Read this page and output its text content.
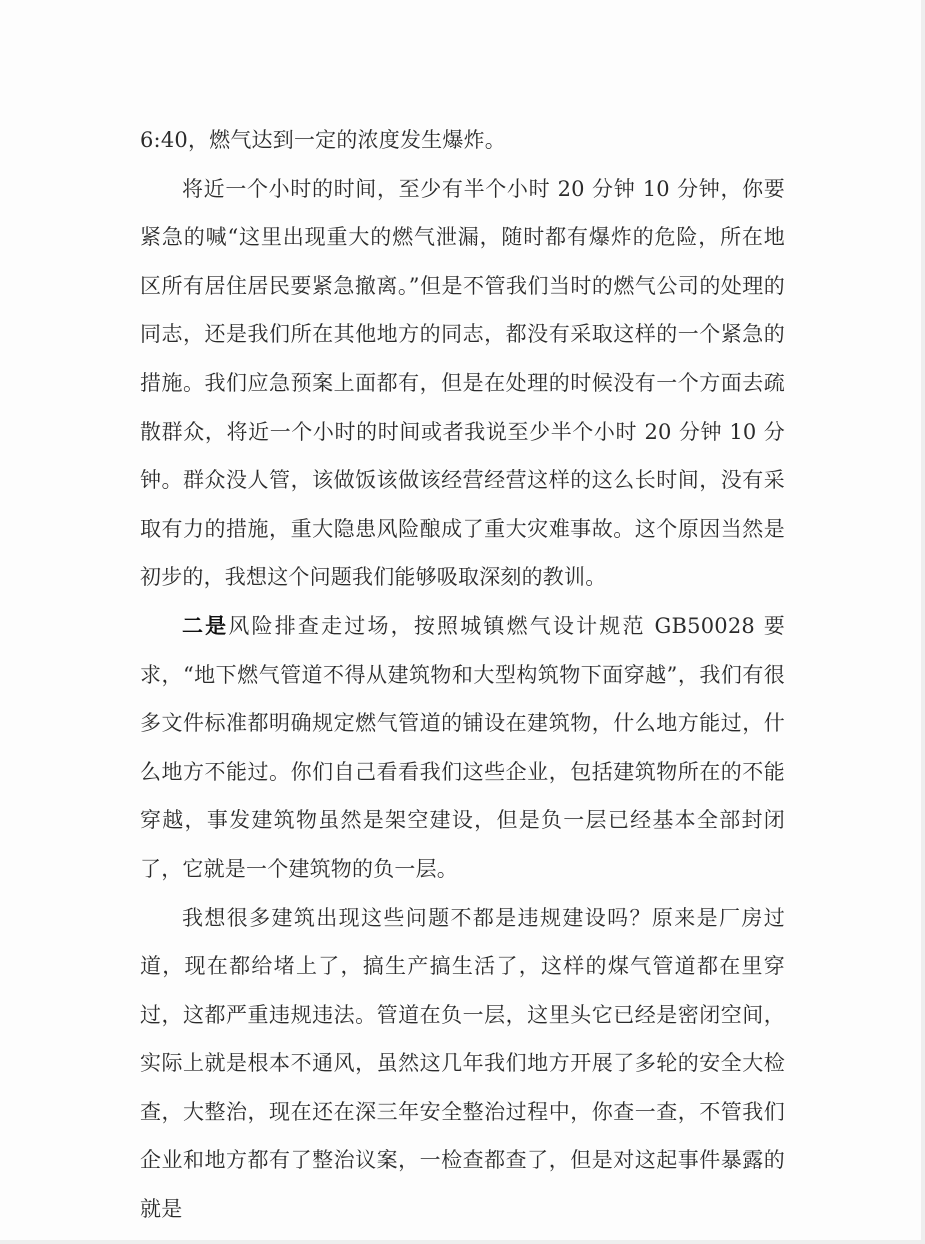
6:40，燃气达到一定的浓度发生爆炸。

将近一个小时的时间，至少有半个小时 20 分钟 10 分钟，你要紧急的喊“这里出现重大的燃气泄漏，随时都有爆炸的危险，所在地区所有居住居民要紧急撤离。”但是不管我们当时的燃气公司的处理的同志，还是我们所在其他地方的同志，都没有采取这样的一个紧急的措施。我们应急预案上面都有，但是在处理的时候没有一个方面去疏散群众，将近一个小时的时间或者我说至少半个小时 20 分钟 10 分钟。群众没人管，该做饭该做该经营经营这样的这么长时间，没有采取有力的措施，重大隐患风险酿成了重大灾难事故。这个原因当然是初步的，我想这个问题我们能够吸取深刻的教训。

二是风险排查走过场，按照城镇燃气设计规范 GB50028 要求，“地下燃气管道不得从建筑物和大型构筑物下面穿越”，我们有很多文件标准都明确规定燃气管道的铺设在建筑物，什么地方能过，什么地方不能过。你们自己看看我们这些企业，包括建筑物所在的不能穿越，事发建筑物虽然是架空建设，但是负一层已经基本全部封闭了，它就是一个建筑物的负一层。

我想很多建筑出现这些问题不都是违规建设吗？原来是厂房过道，现在都给堵上了，搞生产搞生活了，这样的煤气管道都在里穿过，这都严重违规违法。管道在负一层，这里头它已经是密闭空间，实际上就是根本不通风，虽然这几年我们地方开展了多轮的安全大检查，大整治，现在还在深三年安全整治过程中，你查一查，不管我们企业和地方都有了整治议案，一检查都查了，但是对这起事件暴露的就是
